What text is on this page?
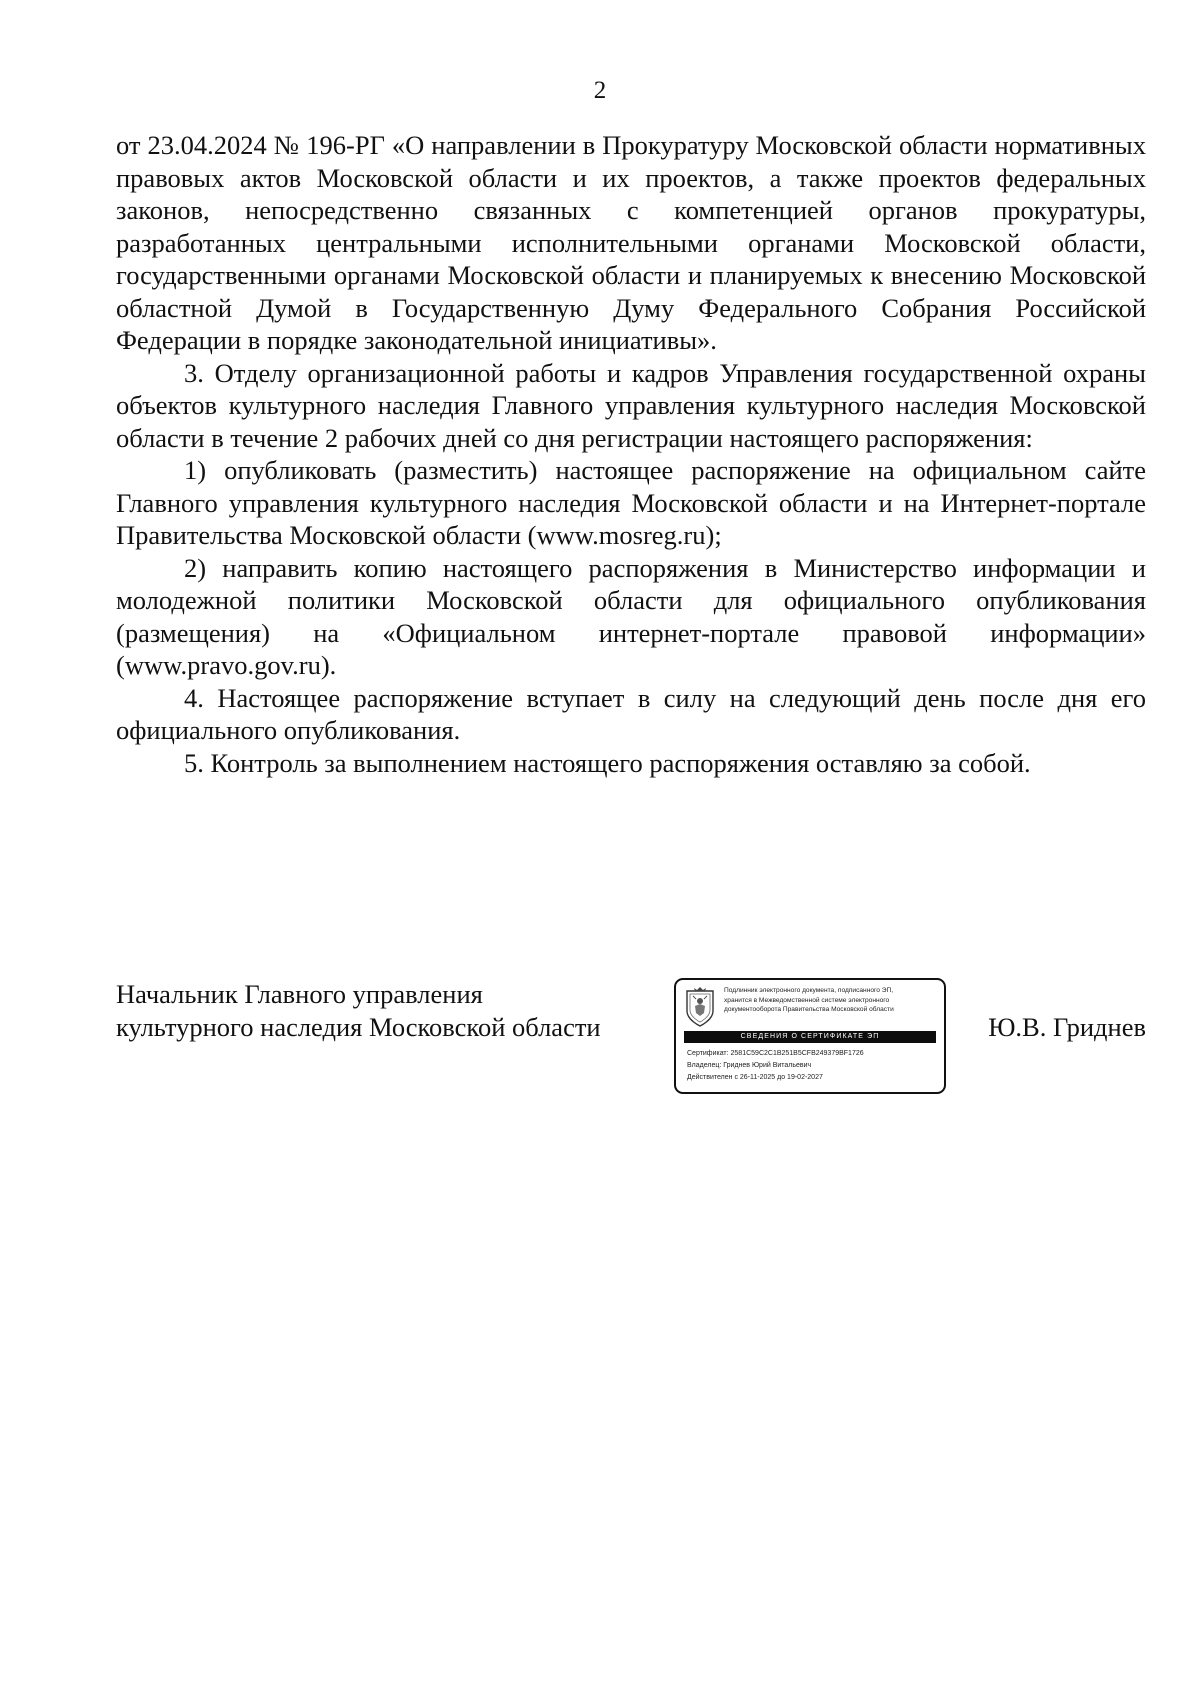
2

от 23.04.2024 № 196-РГ «О направлении в Прокуратуру Московской области нормативных правовых актов Московской области и их проектов, а также проектов федеральных законов, непосредственно связанных с компетенцией органов прокуратуры, разработанных центральными исполнительными органами Московской области, государственными органами Московской области и планируемых к внесению Московской областной Думой в Государственную Думу Федерального Собрания Российской Федерации в порядке законодательной инициативы».

3. Отделу организационной работы и кадров Управления государственной охраны объектов культурного наследия Главного управления культурного наследия Московской области в течение 2 рабочих дней со дня регистрации настоящего распоряжения:

1) опубликовать (разместить) настоящее распоряжение на официальном сайте Главного управления культурного наследия Московской области и на Интернет-портале Правительства Московской области (www.mosreg.ru);

2) направить копию настоящего распоряжения в Министерство информации и молодежной политики Московской области для официального опубликования (размещения) на «Официальном интернет-портале правовой информации» (www.pravo.gov.ru).

4. Настоящее распоряжение вступает в силу на следующий день после дня его официального опубликования.

5. Контроль за выполнением настоящего распоряжения оставляю за собой.

Начальник Главного управления
культурного наследия Московской области
Подлинник электронного документа, подписанного ЭП,
хранится в Межведомственной системе электронного
документооборота Правительства Московской области
СВЕДЕНИЯ О СЕРТИФИКАТЕ ЭП
Сертификат: 2581C59C2C1B251B5CFB249379BF1726
Владелец: Гриднев Юрий Витальевич
Действителен с 26-11-2025 до 19-02-2027
Ю.В. Гриднев
